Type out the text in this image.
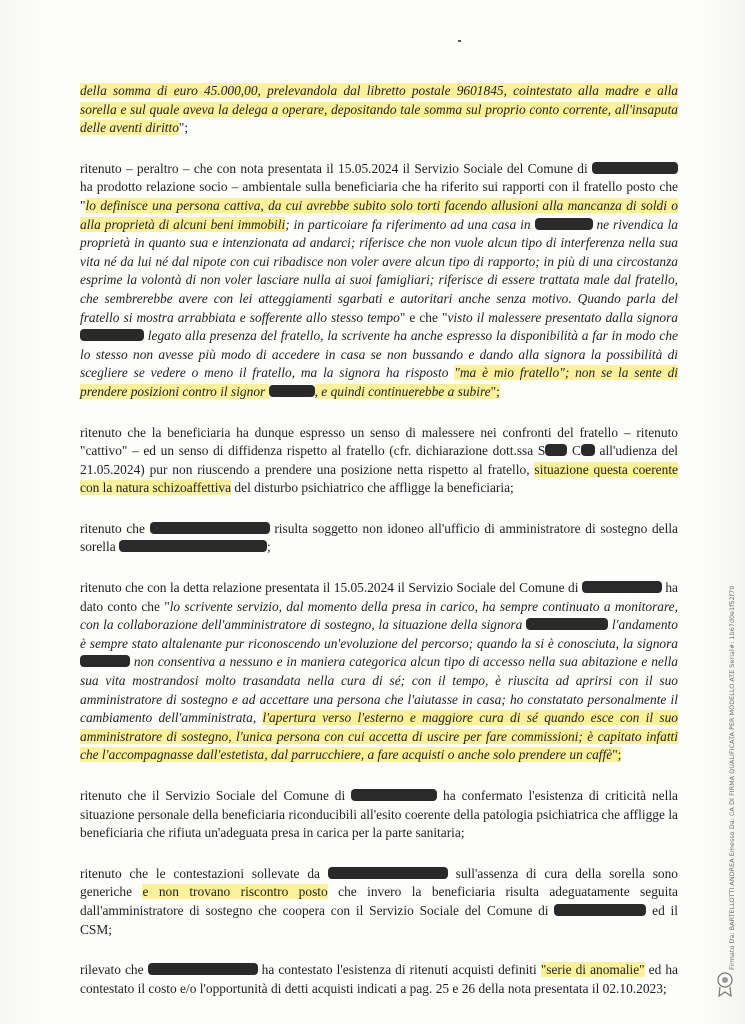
della somma di euro 45.000,00, prelevandola dal libretto postale 9601845, cointestato alla madre e alla sorella e sul quale aveva la delega a operare, depositando tale somma sul proprio conto corrente, all'insaputa delle aventi diritto";

ritenuto – peraltro – che con nota presentata il 15.05.2024 il Servizio Sociale del Comune di  ha prodotto relazione socio – ambientale sulla beneficiaria che ha riferito sui rapporti con il fratello posto che "lo definisce una persona cattiva, da cui avrebbe subito solo torti facendo allusioni alla mancanza di soldi o alla proprietà di alcuni beni immobili; in particoiare fa riferimento ad una casa in	ne rivendica la proprietà in quanto sua e intenzionata ad andarci; riferisce che non vuole alcun tipo di interferenza nella sua vita né da lui né dal nipote con cui ribadisce non voler avere alcun tipo di rapporto; in più di una circostanza esprime la volontà di non voler lasciare nulla ai suoi famigliari; riferisce di essere trattata male dal fratello, che sembrerebbe avere con lei atteggiamenti sgarbati e autoritari anche senza motivo. Quando parla del fratello si mostra arrabbiata e sofferente allo stesso tempo" e che "visto il malessere presentato dalla signora  legato alla presenza del fratello, la scrivente ha anche espresso la disponibilità a far in modo che lo stesso non avesse più modo di accedere in casa se non bussando e dando alla signora la possibilità di scegliere se vedere o meno il fratello, ma la signora ha risposto "ma è mio fratello"; non se la sente di prendere posizioni contro il signor	, e quindi continuerebbe a subire";

ritenuto che la beneficiaria ha dunque espresso un senso di malessere nei confronti del fratello – ritenuto "cattivo" – ed un senso di diffidenza rispetto al fratello (cfr. dichiarazione dott.ssa S C all'udienza del 21.05.2024) pur non riuscendo a prendere una posizione netta rispetto al fratello, situazione questa coerente con la natura schizoaffettiva del disturbo psichiatrico che affligge la beneficiaria;

ritenuto che	risulta soggetto non idoneo all'ufficio di amministratore di sostegno della sorella	;

ritenuto che con la detta relazione presentata il 15.05.2024 il Servizio Sociale del Comune di	ha dato conto che "lo scrivente servizio, dal momento della presa in carico, ha sempre continuato a monitorare, con la collaborazione dell'amministratore di sostegno, la situazione della signora	l'andamento è sempre stato altalenante pur riconoscendo un'evoluzione del percorso; quando la si è conosciuta, la signora  non consentiva a nessuno e in maniera categorica alcun tipo di accesso nella sua abitazione e nella sua vita mostrandosi molto trasandata nella cura di sé; con il tempo, è riuscita ad aprirsi con il suo amministratore di sostegno e ad accettare una persona che l'aiutasse in casa; ho constatato personalmente il cambiamento dell'amministrata, l'apertura verso l'esterno e maggiore cura di sé quando esce con il suo amministratore di sostegno, l'unica persona con cui accetta di uscire per fare commissioni; è capitato infatti che l'accompagnasse dall'estetista, dal parrucchiere, a fare acquisti o anche solo prendere un caffè";

ritenuto che il Servizio Sociale del Comune di	ha confermato l'esistenza di criticità nella situazione personale della beneficiaria riconducibili all'esito coerente della patologia psichiatrica che affligge la beneficiaria che rifiuta un'adeguata presa in carica per la parte sanitaria;

ritenuto che le contestazioni sollevate da	sull'assenza di cura della sorella sono generiche e non trovano riscontro posto che invero la beneficiaria risulta adeguatamente seguita dall'amministratore di sostegno che coopera con il Servizio Sociale del Comune di	ed il CSM;

rilevato che	ha contestato l'esistenza di ritenuti acquisti definiti "serie di anomalie" ed ha contestato il costo e/o l'opportunità di detti acquisti indicati a pag. 25 e 26 della nota presentata il 02.10.2023;

Firmato Da: BARTELLOTTI ANDREA Emesso Da: CA DI FIRMA QUALIFICATA PER MODELLO ATE Serial#: 1b67d0e1f52f79
